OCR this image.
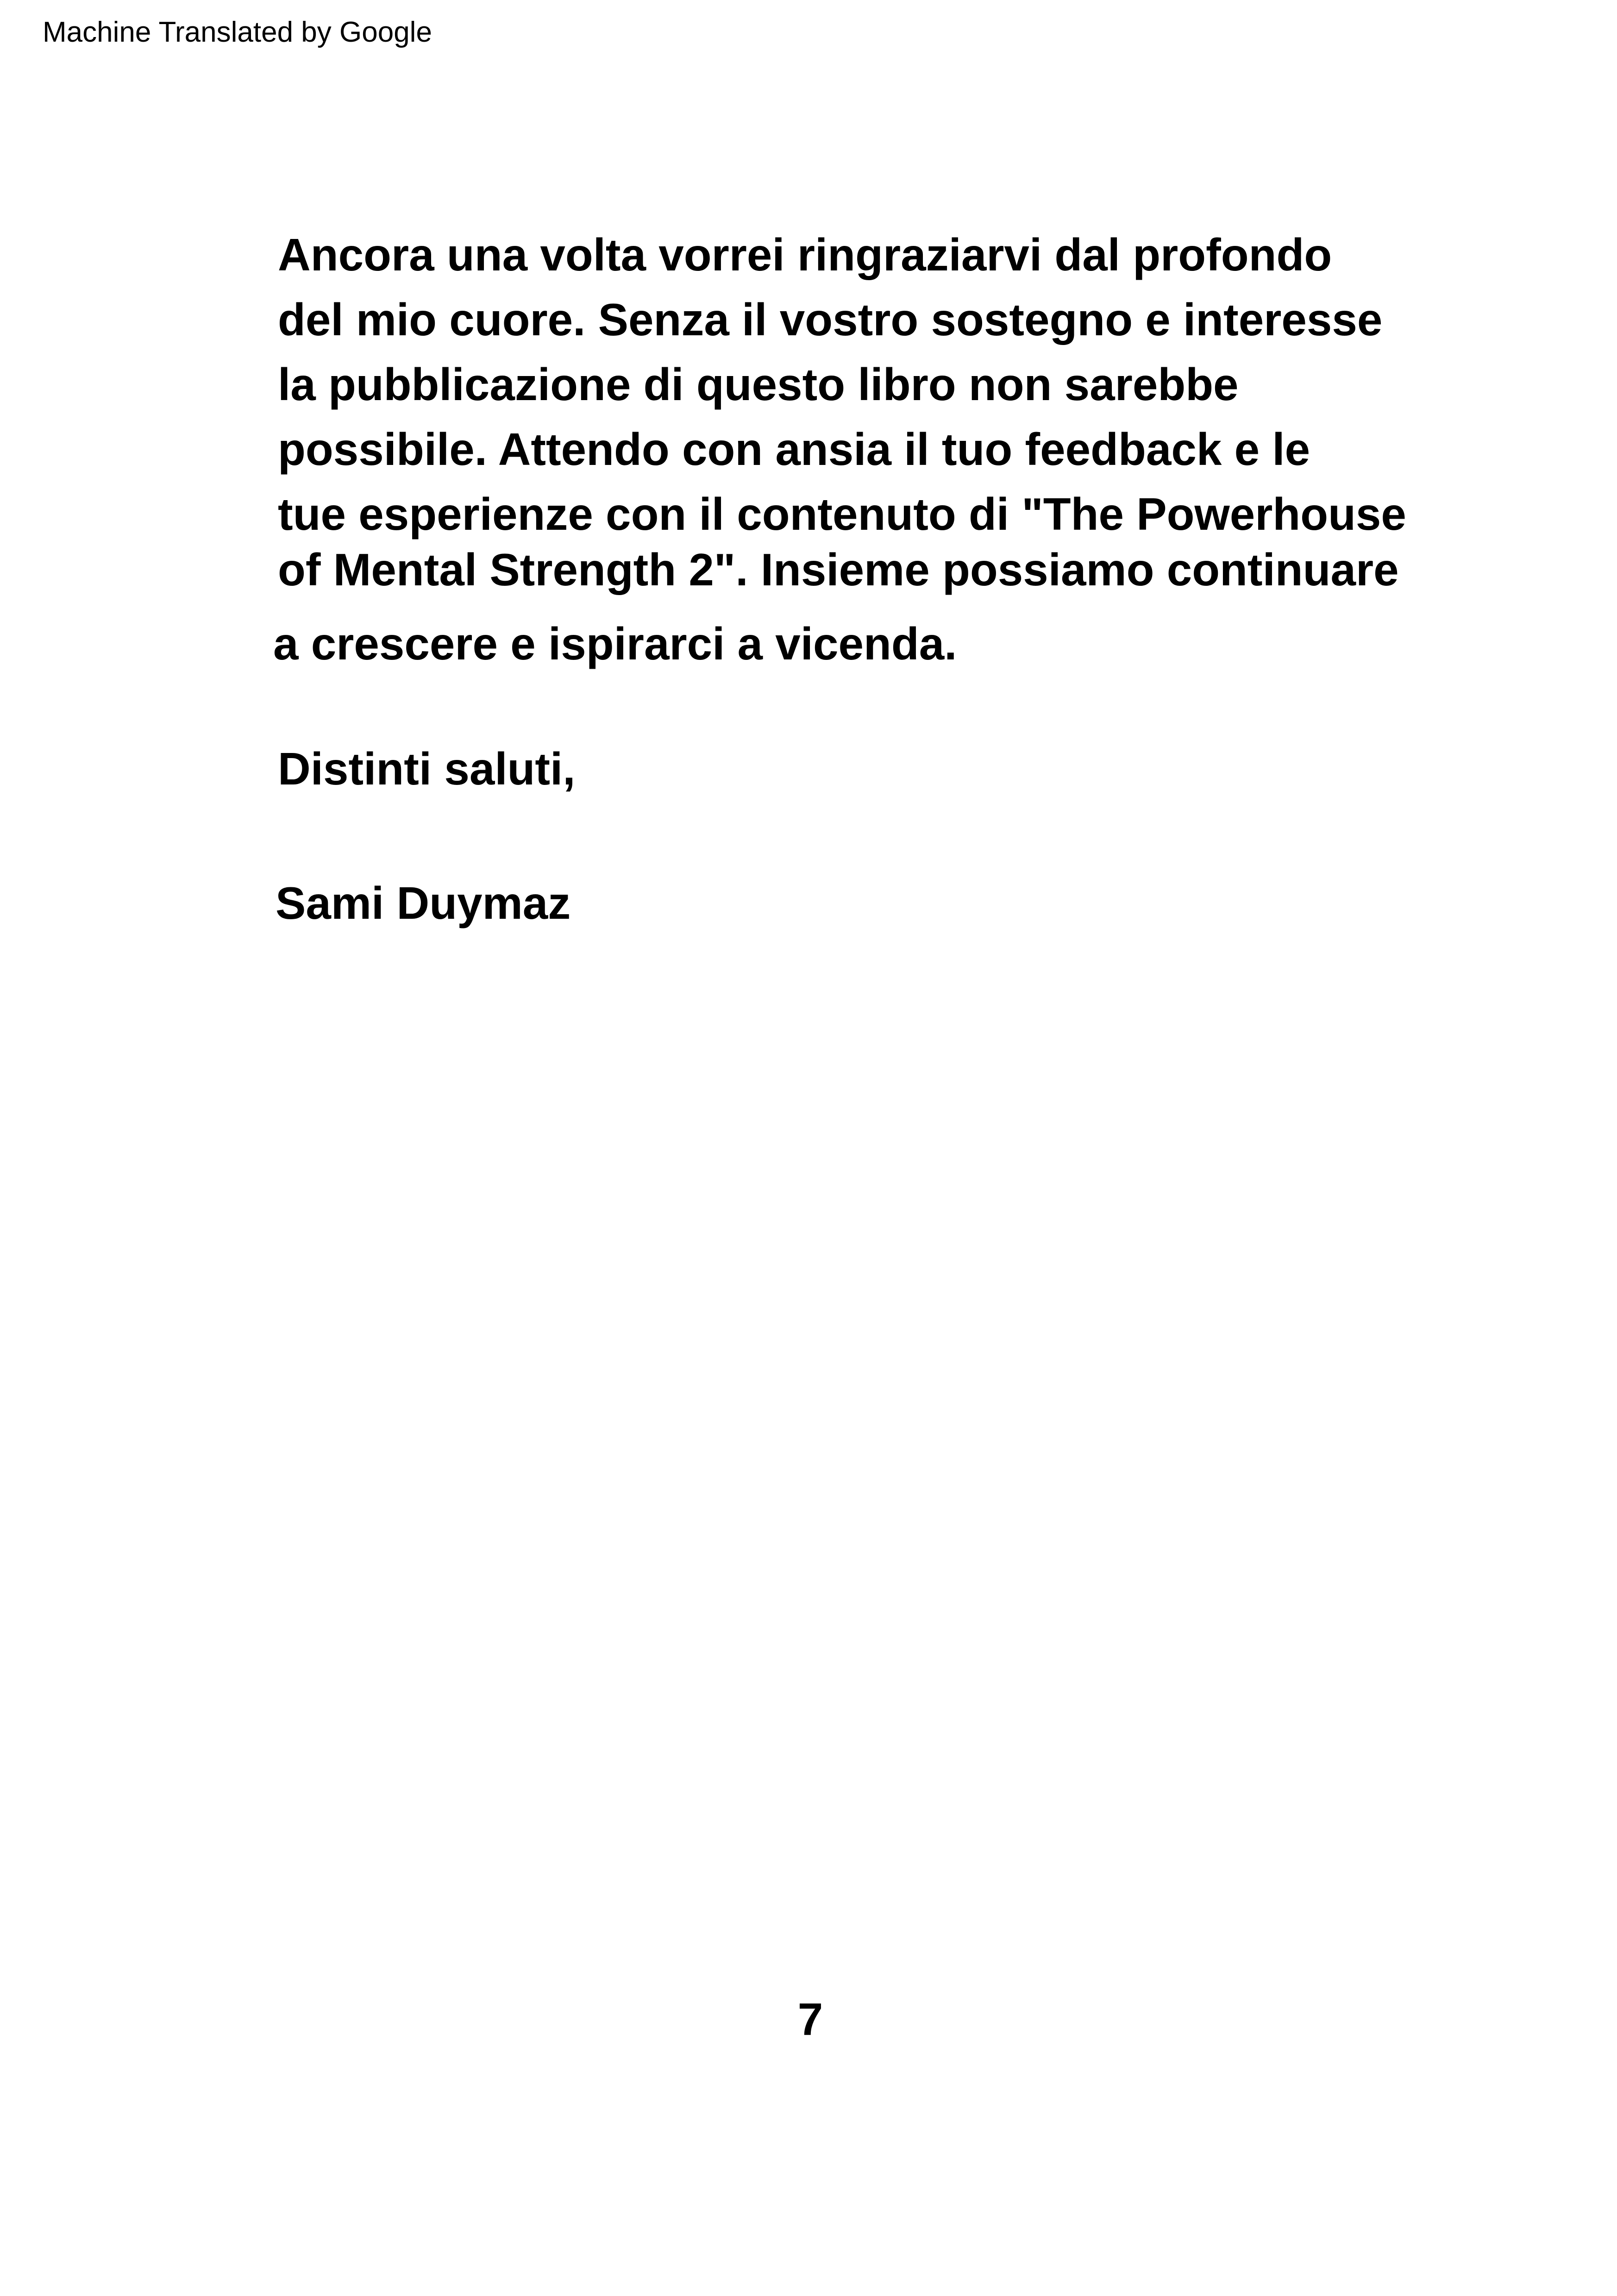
Machine Translated by Google
Ancora una volta vorrei ringraziarvi dal profondo
del mio cuore. Senza il vostro sostegno e interesse
la pubblicazione di questo libro non sarebbe
possibile. Attendo con ansia il tuo feedback e le
tue esperienze con il contenuto di "The Powerhouse
of Mental Strength 2". Insieme possiamo continuare
a crescere e ispirarci a vicenda.
Distinti saluti,
Sami Duymaz
7
